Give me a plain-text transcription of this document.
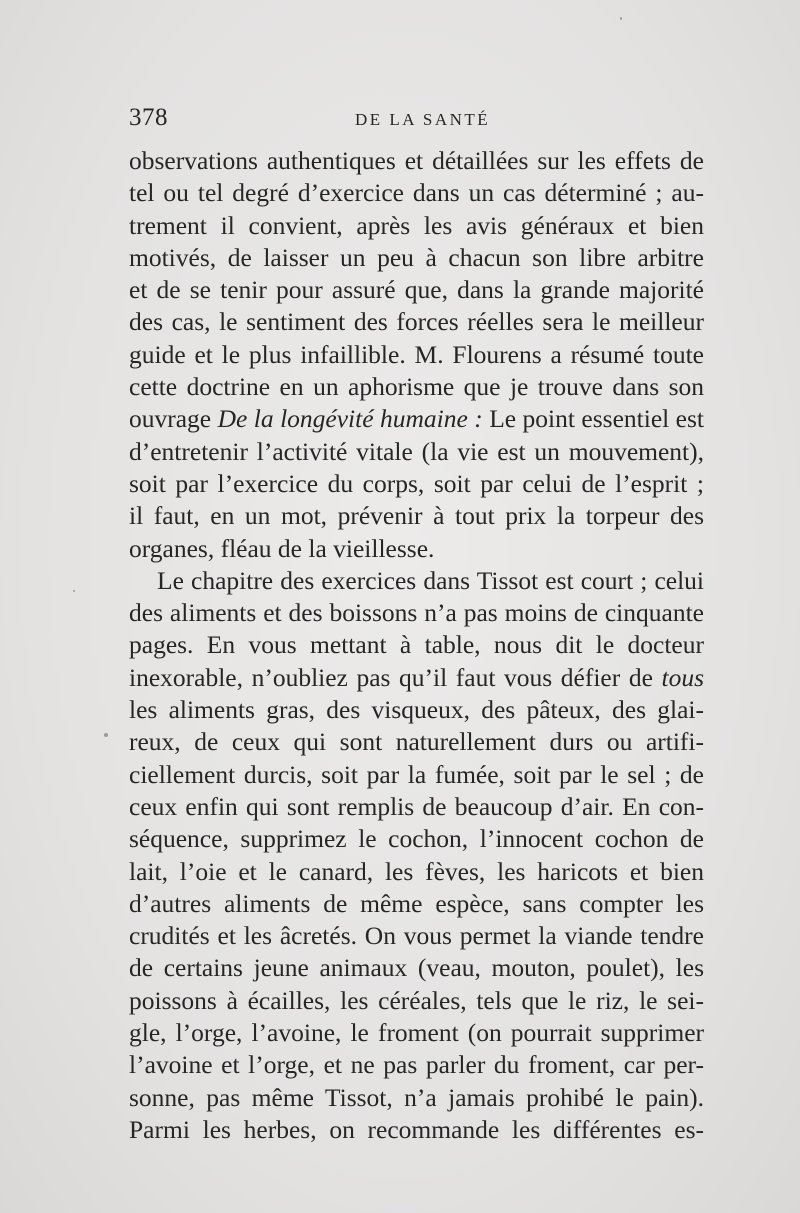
378	DE LA SANTÉ
observations authentiques et détaillées sur les effets de
tel ou tel degré d’exercice dans un cas déterminé ; au-
trement il convient, après les avis généraux et bien
motivés, de laisser un peu à chacun son libre arbitre
et de se tenir pour assuré que, dans la grande majorité
des cas, le sentiment des forces réelles sera le meilleur
guide et le plus infaillible. M. Flourens a résumé toute
cette doctrine en un aphorisme que je trouve dans son
ouvrage De la longévité humaine : Le point essentiel est
d’entretenir l’activité vitale (la vie est un mouvement),
soit par l’exercice du corps, soit par celui de l’esprit ;
il faut, en un mot, prévenir à tout prix la torpeur des
organes, fléau de la vieillesse.
Le chapitre des exercices dans Tissot est court ; celui
des aliments et des boissons n’a pas moins de cinquante
pages. En vous mettant à table, nous dit le docteur
inexorable, n’oubliez pas qu’il faut vous défier de tous
les aliments gras, des visqueux, des pâteux, des glai-
reux, de ceux qui sont naturellement durs ou artifi-
ciellement durcis, soit par la fumée, soit par le sel ; de
ceux enfin qui sont remplis de beaucoup d’air. En con-
séquence, supprimez le cochon, l’innocent cochon de
lait, l’oie et le canard, les fèves, les haricots et bien
d’autres aliments de même espèce, sans compter les
crudités et les âcretés. On vous permet la viande tendre
de certains jeune animaux (veau, mouton, poulet), les
poissons à écailles, les céréales, tels que le riz, le sei-
gle, l’orge, l’avoine, le froment (on pourrait supprimer
l’avoine et l’orge, et ne pas parler du froment, car per-
sonne, pas même Tissot, n’a jamais prohibé le pain).
Parmi les herbes, on recommande les différentes es-
